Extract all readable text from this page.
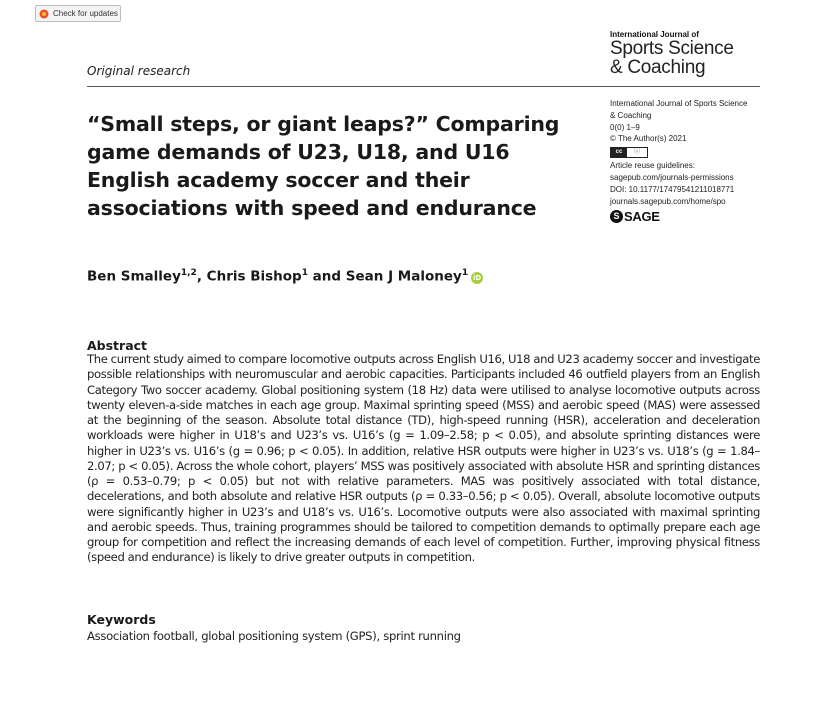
Check for updates
International Journal of
Sports Science
& Coaching
Original research
“Small steps, or giant leaps?” Comparing game demands of U23, U18, and U16 English academy soccer and their associations with speed and endurance
International Journal of Sports Science
& Coaching
0(0) 1–9
© The Author(s) 2021
cc	ⓘ
Article reuse guidelines:
sagepub.com/journals-permissions
DOI: 10.1177/17479541211018771
journals.sagepub.com/home/spo
S SAGE
Ben Smalley$^{1,2}$, Chris Bishop$^1$ and Sean J Maloney$^1$ iD
Abstract

The current study aimed to compare locomotive outputs across English U16, U18 and U23 academy soccer and investigate possible relationships with neuromuscular and aerobic capacities. Participants included 46 outfield players from an English Category Two soccer academy. Global positioning system (18 Hz) data were utilised to analyse locomotive outputs across twenty eleven-a-side matches in each age group. Maximal sprinting speed (MSS) and aerobic speed (MAS) were assessed at the beginning of the season. Absolute total distance (TD), high-speed running (HSR), acceleration and deceleration workloads were higher in U18’s and U23’s vs. U16’s (g = 1.09–2.58; p < 0.05), and absolute sprinting distances were higher in U23’s vs. U16’s (g = 0.96; p < 0.05). In addition, relative HSR outputs were higher in U23’s vs. U18’s (g = 1.84–2.07; p < 0.05). Across the whole cohort, players’ MSS was positively associated with absolute HSR and sprinting distances (ρ = 0.53–0.79; p < 0.05) but not with relative parameters. MAS was positively associated with total distance, decelerations, and both absolute and relative HSR outputs (ρ = 0.33–0.56; p < 0.05). Overall, absolute locomotive outputs were significantly higher in U23’s and U18’s vs. U16’s. Locomotive outputs were also associated with maximal sprinting and aerobic speeds. Thus, training programmes should be tailored to competition demands to optimally prepare each age group for competition and reflect the increasing demands of each level of competition. Further, improving physical fitness (speed and endurance) is likely to drive greater outputs in competition.

Keywords

Association football, global positioning system (GPS), sprint running
